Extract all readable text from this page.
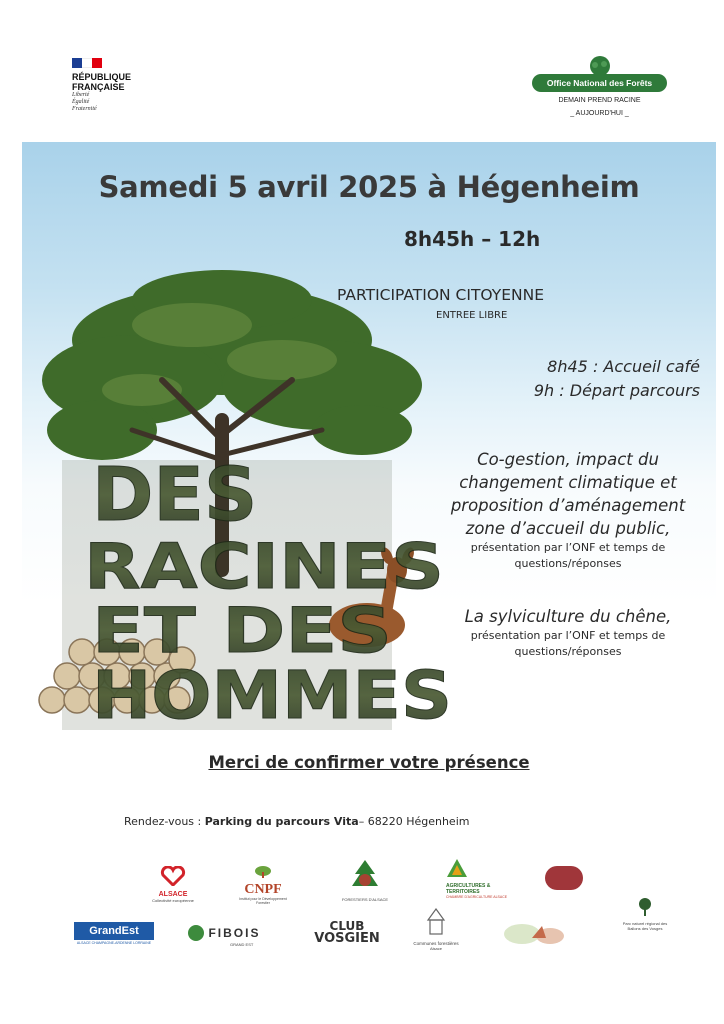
RÉPUBLIQUE
FRANÇAISE
Liberté
Égalité
Fraternité
Office National des Forêts
DEMAIN PREND RACINE
_ AUJOURD'HUI _
DES
RACINES
ET DES
HOMMES
Samedi 5 avril 2025 à Hégenheim
8h45h – 12h
PARTICIPATION CITOYENNE
ENTREE LIBRE
8h45 : Accueil café
9h : Départ parcours
Co-gestion, impact du
changement climatique et
proposition d’aménagement
zone d’accueil du public,
présentation par l’ONF et temps de
questions/réponses
La sylviculture du chêne,
présentation par l’ONF et temps de
questions/réponses
Merci de confirmer votre présence
Rendez-vous : Parking du parcours Vita– 68220 Hégenheim
ALSACE
Collectivité européenne
CNPF
Institut pour le Développement Forestier
FORESTIERS D'ALSACE
AGRICULTURES & TERRITOIRES
CHAMBRE D'AGRICULTURE ALSACE
GrandEst
ALSACE CHAMPAGNE-ARDENNE LORRAINE
FIBOIS
GRAND EST
CLUB
VOSGIEN	Communes forestières
Alsace
Parc naturel régional des Ballons des Vosges
